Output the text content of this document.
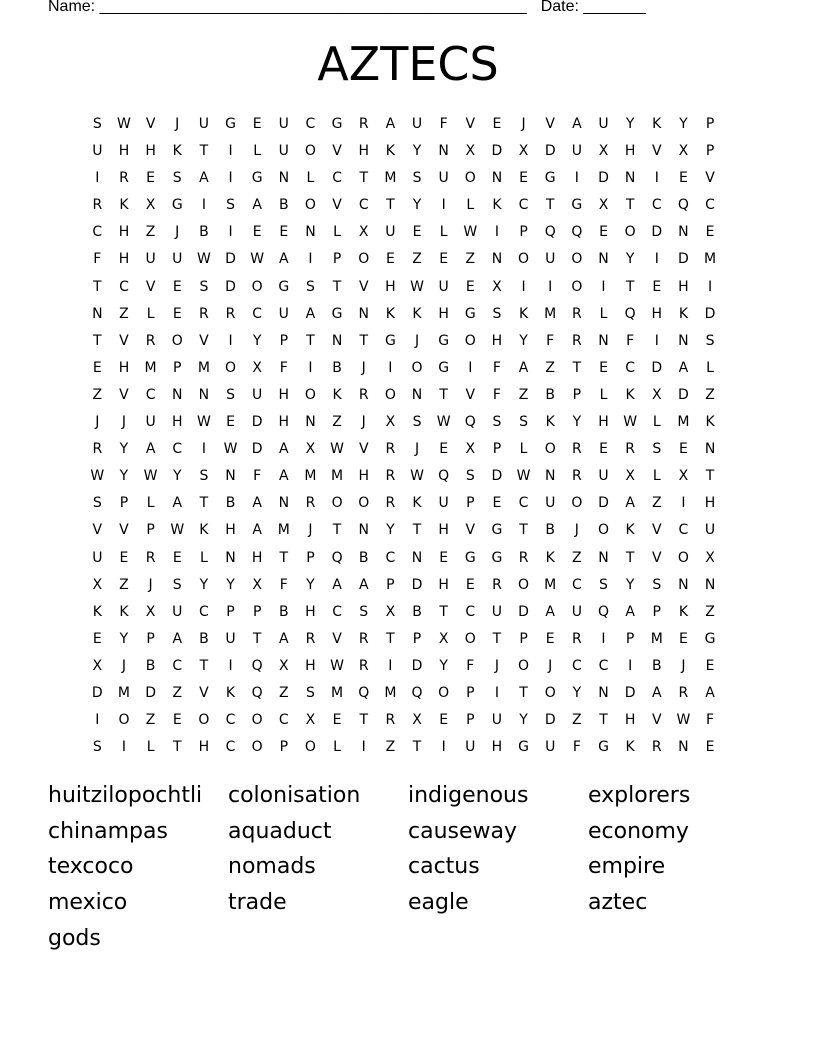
Name: ________________________________________________ Date: _______
AZTECS
S	W	V	J	U	G	E	U	C	G	R	A	U	F	V	E	J	V	A	U	Y	K	Y	P
U	H	H	K	T	I	L	U	O	V	H	K	Y	N	X	D	X	D	U	X	H	V	X	P
I	R	E	S	A	I	G	N	L	C	T	M	S	U	O	N	E	G	I	D	N	I	E	V
R	K	X	G	I	S	A	B	O	V	C	T	Y	I	L	K	C	T	G	X	T	C	Q	C
C	H	Z	J	B	I	E	E	N	L	X	U	E	L	W	I	P	Q	Q	E	O	D	N	E
F	H	U	U	W	D	W	A	I	P	O	E	Z	E	Z	N	O	U	O	N	Y	I	D	M
T	C	V	E	S	D	O	G	S	T	V	H	W	U	E	X	I	I	O	I	T	E	H	I
N	Z	L	E	R	R	C	U	A	G	N	K	K	H	G	S	K	M	R	L	Q	H	K	D
T	V	R	O	V	I	Y	P	T	N	T	G	J	G	O	H	Y	F	R	N	F	I	N	S
E	H	M	P	M	O	X	F	I	B	J	I	O	G	I	F	A	Z	T	E	C	D	A	L
Z	V	C	N	N	S	U	H	O	K	R	O	N	T	V	F	Z	B	P	L	K	X	D	Z
J	J	U	H	W	E	D	H	N	Z	J	X	S	W	Q	S	S	K	Y	H	W	L	M	K
R	Y	A	C	I	W	D	A	X	W	V	R	J	E	X	P	L	O	R	E	R	S	E	N
W	Y	W	Y	S	N	F	A	M	M	H	R	W	Q	S	D	W	N	R	U	X	L	X	T
S	P	L	A	T	B	A	N	R	O	O	R	K	U	P	E	C	U	O	D	A	Z	I	H
V	V	P	W	K	H	A	M	J	T	N	Y	T	H	V	G	T	B	J	O	K	V	C	U
U	E	R	E	L	N	H	T	P	Q	B	C	N	E	G	G	R	K	Z	N	T	V	O	X
X	Z	J	S	Y	Y	X	F	Y	A	A	P	D	H	E	R	O	M	C	S	Y	S	N	N
K	K	X	U	C	P	P	B	H	C	S	X	B	T	C	U	D	A	U	Q	A	P	K	Z
E	Y	P	A	B	U	T	A	R	V	R	T	P	X	O	T	P	E	R	I	P	M	E	G
X	J	B	C	T	I	Q	X	H	W	R	I	D	Y	F	J	O	J	C	C	I	B	J	E
D	M	D	Z	V	K	Q	Z	S	M	Q	M	Q	O	P	I	T	O	Y	N	D	A	R	A
I	O	Z	E	O	C	O	C	X	E	T	R	X	E	P	U	Y	D	Z	T	H	V	W	F
S	I	L	T	H	C	O	P	O	L	I	Z	T	I	U	H	G	U	F	G	K	R	N	E
huitzilopochtli	colonisation	indigenous	explorers
chinampas	aquaduct	causeway	economy
texcoco	nomads	cactus	empire
mexico	trade	eagle	aztec
gods
